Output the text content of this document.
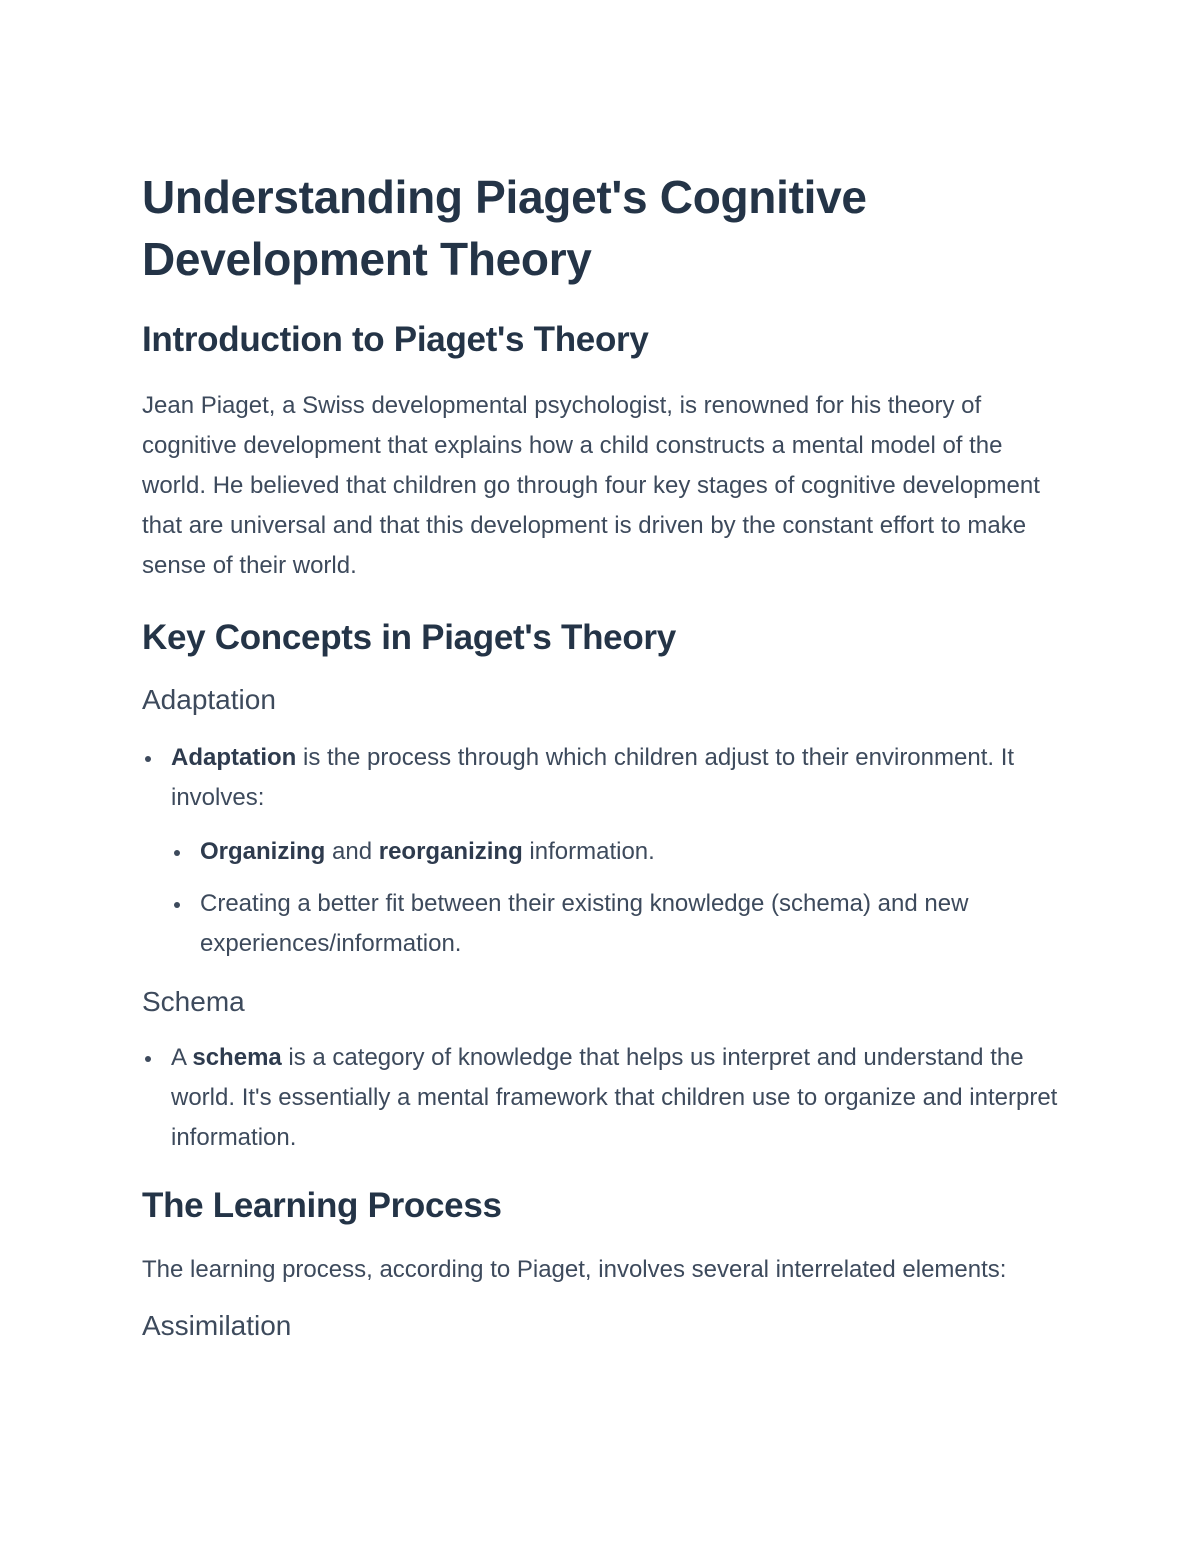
Understanding Piaget's Cognitive Development Theory
Introduction to Piaget's Theory

Jean Piaget, a Swiss developmental psychologist, is renowned for his theory of cognitive development that explains how a child constructs a mental model of the world. He believed that children go through four key stages of cognitive development that are universal and that this development is driven by the constant effort to make sense of their world.

Key Concepts in Piaget's Theory
Adaptation
Adaptation is the process through which children adjust to their environment. It involves:
Organizing and reorganizing information.
Creating a better fit between their existing knowledge (schema) and new experiences/information.
Schema
A schema is a category of knowledge that helps us interpret and understand the world. It's essentially a mental framework that children use to organize and interpret information.
The Learning Process

The learning process, according to Piaget, involves several interrelated elements:

Assimilation
